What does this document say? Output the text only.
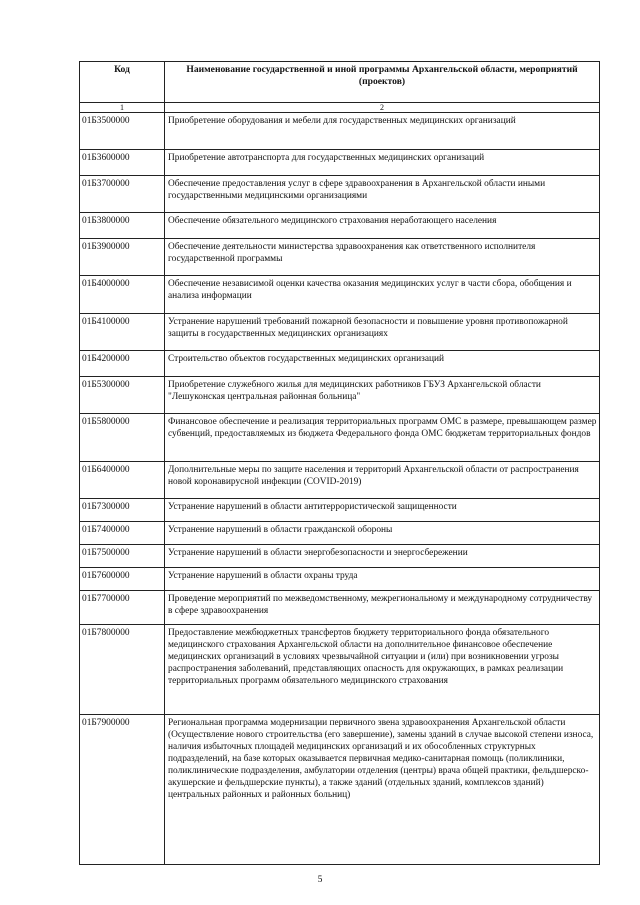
Код	Наименование государственной и иной программы Архангельской области, мероприятий (проектов)
1	2
01Б3500000	Приобретение оборудования и мебели для государственных медицинских организаций
01Б3600000	Приобретение автотранспорта для государственных медицинских организаций
01Б3700000	Обеспечение предоставления услуг в сфере здравоохранения в Архангельской области иными государственными медицинскими организациями
01Б3800000	Обеспечение обязательного медицинского страхования неработающего населения
01Б3900000	Обеспечение деятельности министерства здравоохранения как ответственного исполнителя государственной программы
01Б4000000	Обеспечение независимой оценки качества оказания медицинских услуг в части сбора, обобщения и анализа информации
01Б4100000	Устранение нарушений требований пожарной безопасности и повышение уровня противопожарной защиты в государственных медицинских организациях
01Б4200000	Строительство объектов государственных медицинских организаций
01Б5300000	Приобретение служебного жилья для медицинских работников ГБУЗ Архангельской области "Лешуконская центральная районная больница"
01Б5800000	Финансовое обеспечение и реализация территориальных программ ОМС в размере, превышающем размер субвенций, предоставляемых из бюджета Федерального фонда ОМС бюджетам территориальных фондов
01Б6400000	Дополнительные меры по защите населения и территорий Архангельской области от распространения новой коронавирусной инфекции (COVID-2019)
01Б7300000	Устранение нарушений в области антитеррористической защищенности
01Б7400000	Устранение нарушений в области гражданской обороны
01Б7500000	Устранение нарушений в области энергобезопасности и энергосбережении
01Б7600000	Устранение нарушений в области охраны труда
01Б7700000	Проведение мероприятий по межведомственному, межрегиональному и международному сотрудничеству в сфере здравоохранения
01Б7800000	Предоставление межбюджетных трансфертов бюджету территориального фонда обязательного медицинского страхования Архангельской области на дополнительное финансовое обеспечение медицинских организаций в условиях чрезвычайной ситуации и (или) при возникновении угрозы распространения заболеваний, представляющих опасность для окружающих, в рамках реализации территориальных программ обязательного медицинского страхования
01Б7900000	Региональная программа модернизации первичного звена здравоохранения Архангельской области (Осуществление нового строительства (его завершение), замены зданий в случае высокой степени износа, наличия избыточных площадей медицинских организаций и их обособленных структурных подразделений, на базе которых оказывается первичная медико-санитарная помощь (поликлиники, поликлинические подразделения, амбулатории отделения (центры) врача общей практики, фельдшерско-акушерские и фельдшерские пункты), а также зданий (отдельных зданий, комплексов зданий) центральных районных и районных больниц)
5
